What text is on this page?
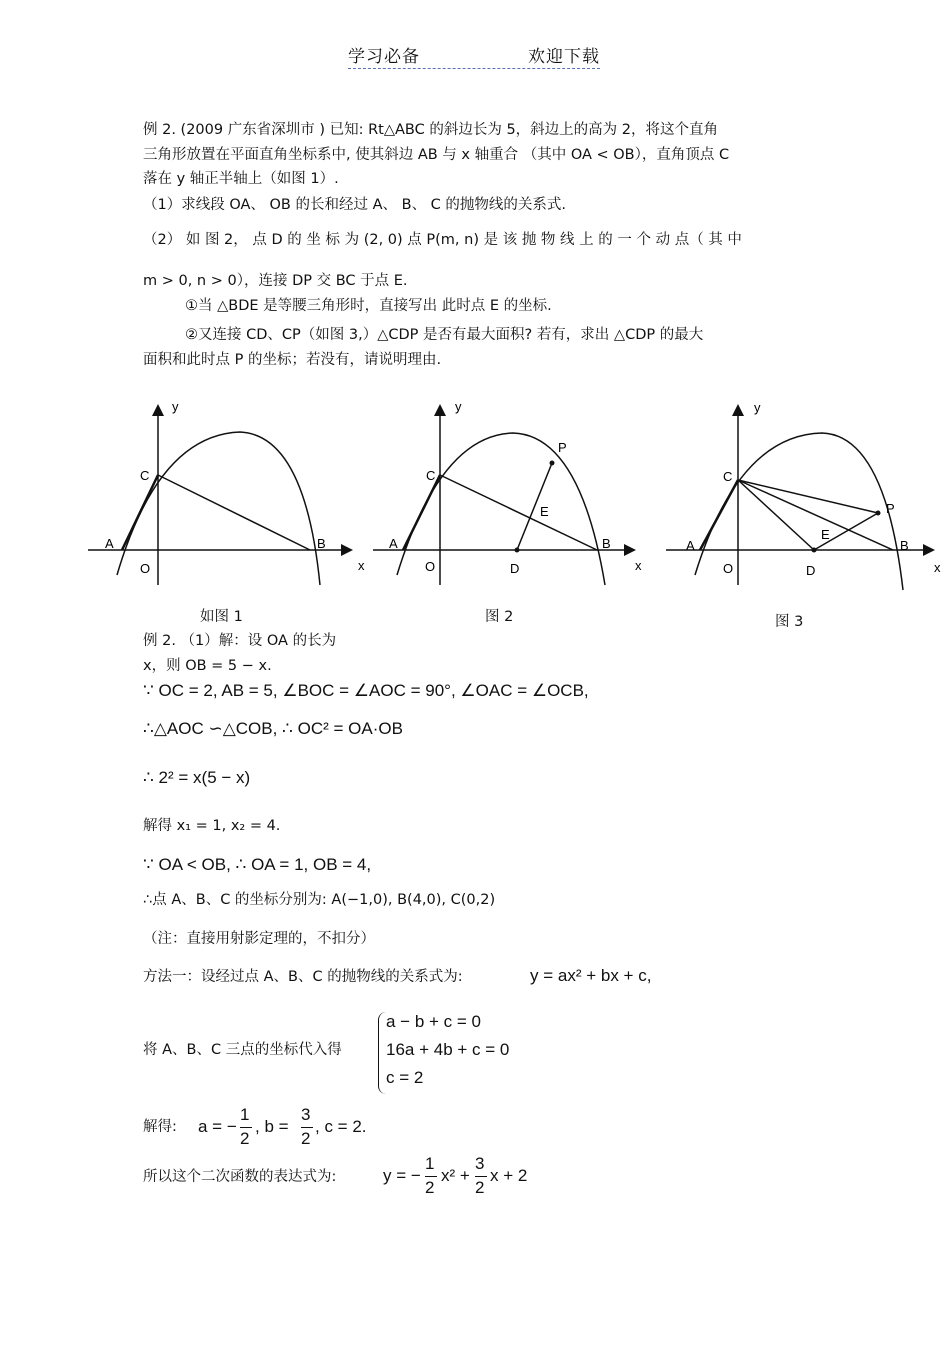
学习必备	欢迎下载
例 2. (2009 广东省深圳市 ) 已知: Rt△ABC 的斜边长为 5，斜边上的高为 2，将这个直角
三角形放置在平面直角坐标系中, 使其斜边 AB 与 x 轴重合 （其中 OA < OB），直角顶点 C
落在 y 轴正半轴上（如图 1）.
（1）求线段 OA、 OB 的长和经过 A、 B、 C 的抛物线的关系式.
（2） 如 图 2， 点 D 的 坐 标 为 (2, 0) 点 P(m, n) 是 该 抛 物 线 上 的 一 个 动 点（ 其 中
m > 0, n > 0），连接 DP 交 BC 于点 E.
①当 △BDE 是等腰三角形时，直接写出 此时点 E 的坐标.
②又连接 CD、CP（如图 3,）△CDP 是否有最大面积? 若有，求出 △CDP 的最大
面积和此时点 P 的坐标；若没有，请说明理由.
y
x
O
A	B
C
如图 1
y
x
O
A	B
C
D
E
P
图 2
y
x
O
A	B
C
D
E
P
图 3
例 2. （1）解：设 OA 的长为
x，则 OB = 5 − x.
∵ OC = 2, AB = 5, ∠BOC = ∠AOC = 90°, ∠OAC = ∠OCB,
∴△AOC ∽△COB, ∴ OC² = OA·OB
∴ 2² = x(5 − x)
解得 x₁ = 1, x₂ = 4.
∵ OA < OB, ∴ OA = 1, OB = 4,
∴点 A、B、C 的坐标分别为: A(−1,0), B(4,0), C(0,2)
（注：直接用射影定理的，不扣分）
方法一：设经过点 A、B、C 的抛物线的关系式为:	y = ax² + bx + c,
将 A、B、C 三点的坐标代入得
a − b + c = 0
16a + 4b + c = 0
c = 2
解得: a = −
1
2
, b =
3
2
, c = 2.
所以这个二次函数的表达式为:	y = −
1
2
x² +
3
2
x + 2
